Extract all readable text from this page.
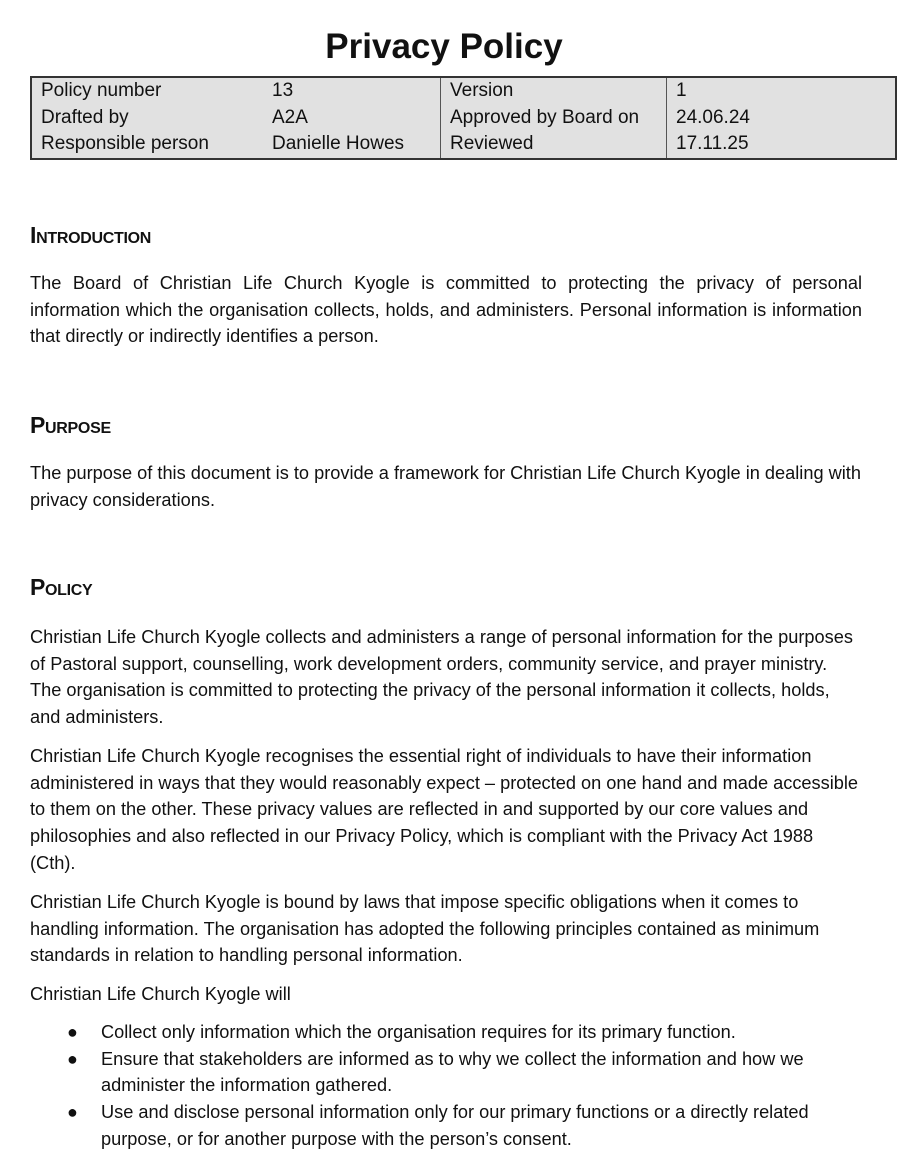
Privacy Policy
Policy number	13	Version	1
Drafted by	A2A	Approved by Board on	24.06.24
Responsible person	Danielle Howes	Reviewed	17.11.25
Introduction

The Board of Christian Life Church Kyogle is committed to protecting the privacy of personal information which the organisation collects, holds, and administers. Personal information is information that directly or indirectly identifies a person.

Purpose

The purpose of this document is to provide a framework for Christian Life Church Kyogle in dealing with privacy considerations.

Policy

Christian Life Church Kyogle collects and administers a range of personal information for the purposes of Pastoral support, counselling, work development orders, community service, and prayer ministry. The organisation is committed to protecting the privacy of the personal information it collects, holds, and administers.

Christian Life Church Kyogle recognises the essential right of individuals to have their information administered in ways that they would reasonably expect – protected on one hand and made accessible to them on the other. These privacy values are reflected in and supported by our core values and philosophies and also reflected in our Privacy Policy, which is compliant with the Privacy Act 1988 (Cth).

Christian Life Church Kyogle is bound by laws that impose specific obligations when it comes to handling information. The organisation has adopted the following principles contained as minimum standards in relation to handling personal information.

Christian Life Church Kyogle will

● Collect only information which the organisation requires for its primary function.
● Ensure that stakeholders are informed as to why we collect the information and how we administer the information gathered.
● Use and disclose personal information only for our primary functions or a directly related purpose, or for another purpose with the person’s consent.
